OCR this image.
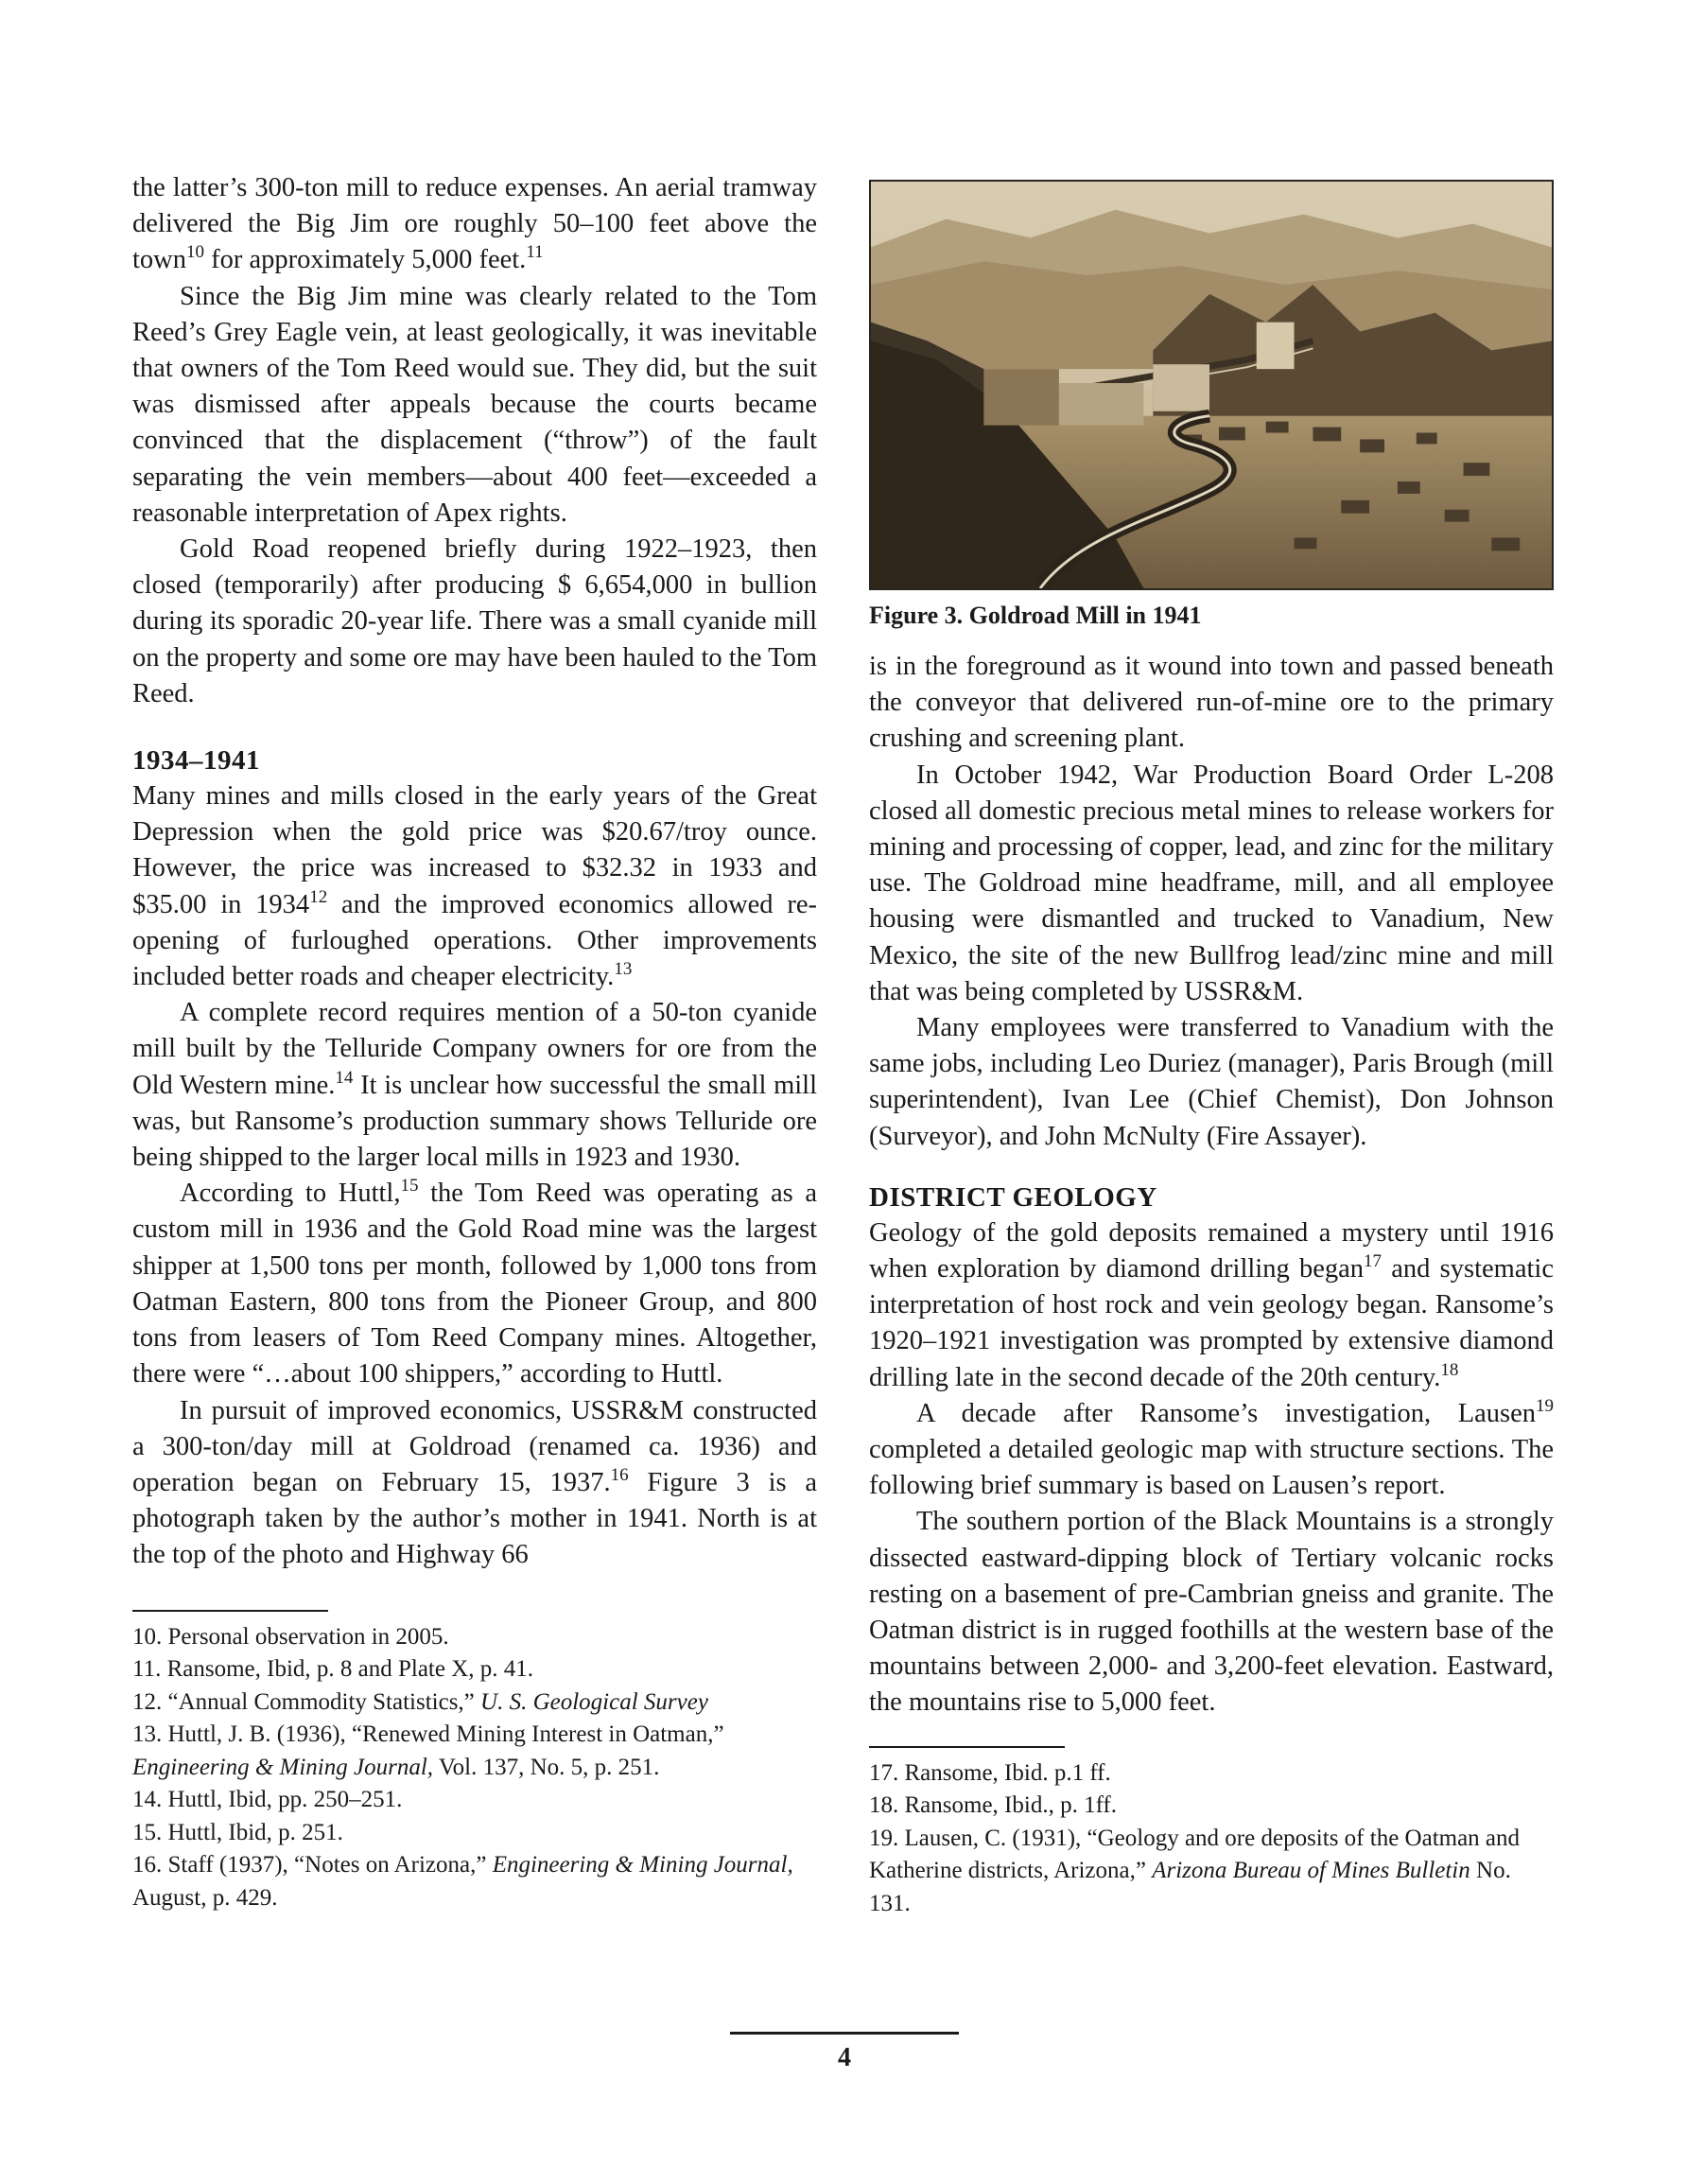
the latter’s 300-ton mill to reduce expenses. An aerial tramway delivered the Big Jim ore roughly 50–100 feet above the town$^{10}$ for approximately 5,000 feet.$^{11}$

Since the Big Jim mine was clearly related to the Tom Reed’s Grey Eagle vein, at least geologically, it was inevitable that owners of the Tom Reed would sue. They did, but the suit was dismissed after appeals because the courts became convinced that the displacement (“throw”) of the fault separating the vein members—about 400 feet—exceeded a reasonable interpretation of Apex rights.

Gold Road reopened briefly during 1922–1923, then closed (temporarily) after producing $ 6,654,000 in bullion during its sporadic 20-year life. There was a small cyanide mill on the property and some ore may have been hauled to the Tom Reed.

1934–1941

Many mines and mills closed in the early years of the Great Depression when the gold price was $20.67/troy ounce. However, the price was increased to $32.32 in 1933 and $35.00 in 1934$^{12}$ and the improved economics allowed re-opening of furloughed operations. Other improvements included better roads and cheaper electricity.$^{13}$

A complete record requires mention of a 50-ton cyanide mill built by the Telluride Company owners for ore from the Old Western mine.$^{14}$ It is unclear how successful the small mill was, but Ransome’s production summary shows Telluride ore being shipped to the larger local mills in 1923 and 1930.

According to Huttl,$^{15}$ the Tom Reed was operating as a custom mill in 1936 and the Gold Road mine was the largest shipper at 1,500 tons per month, followed by 1,000 tons from Oatman Eastern, 800 tons from the Pioneer Group, and 800 tons from leasers of Tom Reed Company mines. Altogether, there were “…about 100 shippers,” according to Huttl.

In pursuit of improved economics, USSR&M constructed a 300-ton/day mill at Goldroad (renamed ca. 1936) and operation began on February 15, 1937.16 Figure 3 is a photograph taken by the author’s mother in 1941. North is at the top of the photo and Highway 66

10. Personal observation in 2005.

11. Ransome, Ibid, p. 8 and Plate X, p. 41.

12. “Annual Commodity Statistics,” U. S. Geological Survey

13. Huttl, J. B. (1936), “Renewed Mining Interest in Oatman,” Engineering & Mining Journal, Vol. 137, No. 5, p. 251.

14. Huttl, Ibid, pp. 250–251.

15. Huttl, Ibid, p. 251.

16. Staff (1937), “Notes on Arizona,” Engineering & Mining Journal, August, p. 429.

Figure 3. Goldroad Mill in 1941

is in the foreground as it wound into town and passed beneath the conveyor that delivered run-of-mine ore to the primary crushing and screening plant.

In October 1942, War Production Board Order L-208 closed all domestic precious metal mines to release workers for mining and processing of copper, lead, and zinc for the military use. The Goldroad mine headframe, mill, and all employee housing were dismantled and trucked to Vanadium, New Mexico, the site of the new Bullfrog lead/zinc mine and mill that was being completed by USSR&M.

Many employees were transferred to Vanadium with the same jobs, including Leo Duriez (manager), Paris Brough (mill superintendent), Ivan Lee (Chief Chemist), Don Johnson (Surveyor), and John McNulty (Fire Assayer).

DISTRICT GEOLOGY

Geology of the gold deposits remained a mystery until 1916 when exploration by diamond drilling began$^{17}$ and systematic interpretation of host rock and vein geology began. Ransome’s 1920–1921 investigation was prompted by extensive diamond drilling late in the second decade of the 20th century.$^{18}$

A decade after Ransome’s investigation, Lausen$^{19}$ completed a detailed geologic map with structure sections. The following brief summary is based on Lausen’s report.

The southern portion of the Black Mountains is a strongly dissected eastward-dipping block of Tertiary volcanic rocks resting on a basement of pre-Cambrian gneiss and granite. The Oatman district is in rugged foothills at the western base of the mountains between 2,000- and 3,200-feet elevation. Eastward, the mountains rise to 5,000 feet.

17. Ransome, Ibid. p.1 ff.

18. Ransome, Ibid., p. 1ff.

19. Lausen, C. (1931), “Geology and ore deposits of the Oatman and Katherine districts, Arizona,” Arizona Bureau of Mines Bulletin No. 131.

4
